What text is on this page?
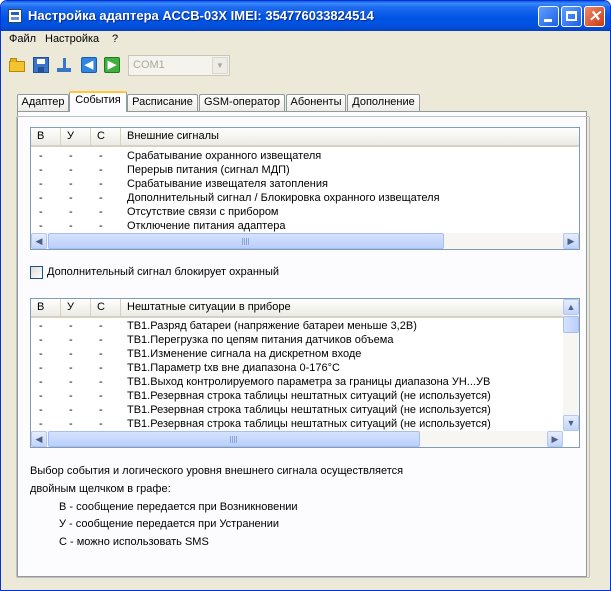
Настройка адаптера АССВ-03Х IMEI: 354776033824514	✕
Файл Настройка ?
◀	▶	COM1	▼
Адаптер События	Расписание	GSM-оператор Абоненты Дополнение
В	У	С	Внешние сигналы
- - - Срабатывание охранного извещателя
- - - Перерыв питания (сигнал МДП)
- - - Срабатывание извещателя затопления
- - - Дополнительный сигнал / Блокировка охранного извещателя
- - - Отсутствие связи с прибором
- - - Отключение питания адаптера
◀	▶
Дополнительный сигнал блокирует охранный
В	У	С	Нештатные ситуации в приборе
- - - ТВ1.Разряд батареи (напряжение батареи меньше 3,2В)
- - - ТВ1.Перегрузка по цепям питания датчиков объема
- - - ТВ1.Изменение сигнала на дискретном входе
- - - ТВ1.Параметр txв вне диапазона 0-176°С
- - - ТВ1.Выход контролируемого параметра за границы диапазона УН...УВ
- - - ТВ1.Резервная строка таблицы нештатных ситуаций (не используется)
- - - ТВ1.Резервная строка таблицы нештатных ситуаций (не используется)
- - - ТВ1.Резервная строка таблицы нештатных ситуаций (не используется)
▲
▼
◀	▶
Выбор события и логического уровня внешнего сигнала осуществляется
двойным щелчком в графе:
В - сообщение передается при Возникновении
У - сообщение передается при Устранении
С - можно использовать SMS
